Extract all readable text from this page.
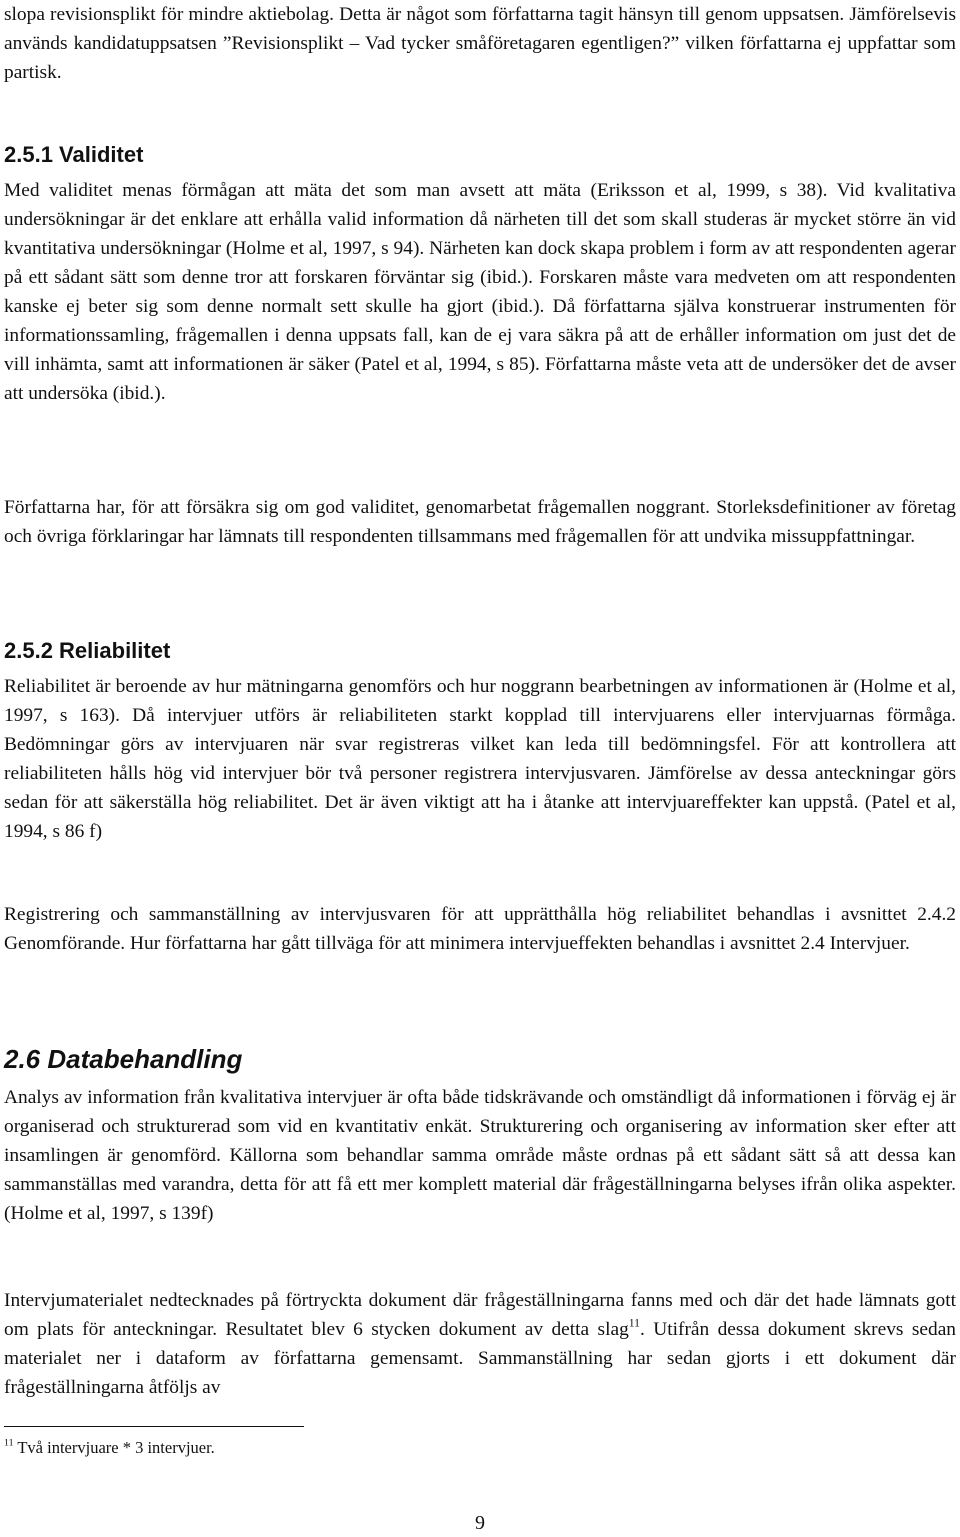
slopa revisionsplikt för mindre aktiebolag. Detta är något som författarna tagit hänsyn till genom uppsatsen. Jämförelsevis används kandidatuppsatsen ”Revisionsplikt – Vad tycker småföretagaren egentligen?” vilken författarna ej uppfattar som partisk.

2.5.1 Validitet

Med validitet menas förmågan att mäta det som man avsett att mäta (Eriksson et al, 1999, s 38). Vid kvalitativa undersökningar är det enklare att erhålla valid information då närheten till det som skall studeras är mycket större än vid kvantitativa undersökningar (Holme et al, 1997, s 94). Närheten kan dock skapa problem i form av att respondenten agerar på ett sådant sätt som denne tror att forskaren förväntar sig (ibid.). Forskaren måste vara medveten om att respondenten kanske ej beter sig som denne normalt sett skulle ha gjort (ibid.). Då författarna själva konstruerar instrumenten för informationssamling, frågemallen i denna uppsats fall, kan de ej vara säkra på att de erhåller information om just det de vill inhämta, samt att informationen är säker (Patel et al, 1994, s 85). Författarna måste veta att de undersöker det de avser att undersöka (ibid.).

Författarna har, för att försäkra sig om god validitet, genomarbetat frågemallen noggrant. Storleksdefinitioner av företag och övriga förklaringar har lämnats till respondenten tillsammans med frågemallen för att undvika missuppfattningar.

2.5.2 Reliabilitet

Reliabilitet är beroende av hur mätningarna genomförs och hur noggrann bearbetningen av informationen är (Holme et al, 1997, s 163). Då intervjuer utförs är reliabiliteten starkt kopplad till intervjuarens eller intervjuarnas förmåga. Bedömningar görs av intervjuaren när svar registreras vilket kan leda till bedömningsfel. För att kontrollera att reliabiliteten hålls hög vid intervjuer bör två personer registrera intervjusvaren. Jämförelse av dessa anteckningar görs sedan för att säkerställa hög reliabilitet. Det är även viktigt att ha i åtanke att intervjuareffekter kan uppstå. (Patel et al, 1994, s 86 f)

Registrering och sammanställning av intervjusvaren för att upprätthålla hög reliabilitet behandlas i avsnittet 2.4.2 Genomförande. Hur författarna har gått tillväga för att minimera intervjueffekten behandlas i avsnittet 2.4 Intervjuer.

2.6 Databehandling

Analys av information från kvalitativa intervjuer är ofta både tidskrävande och omständligt då informationen i förväg ej är organiserad och strukturerad som vid en kvantitativ enkät. Strukturering och organisering av information sker efter att insamlingen är genomförd. Källorna som behandlar samma område måste ordnas på ett sådant sätt så att dessa kan sammanställas med varandra, detta för att få ett mer komplett material där frågeställningarna belyses ifrån olika aspekter. (Holme et al, 1997, s 139f)

Intervjumaterialet nedtecknades på förtryckta dokument där frågeställningarna fanns med och där det hade lämnats gott om plats för anteckningar. Resultatet blev 6 stycken dokument av detta slag$^{11}$. Utifrån dessa dokument skrevs sedan materialet ner i dataform av författarna gemensamt. Sammanställning har sedan gjorts i ett dokument där frågeställningarna åtföljs av

$^{11}$ Två intervjuare * 3 intervjuer.
9
